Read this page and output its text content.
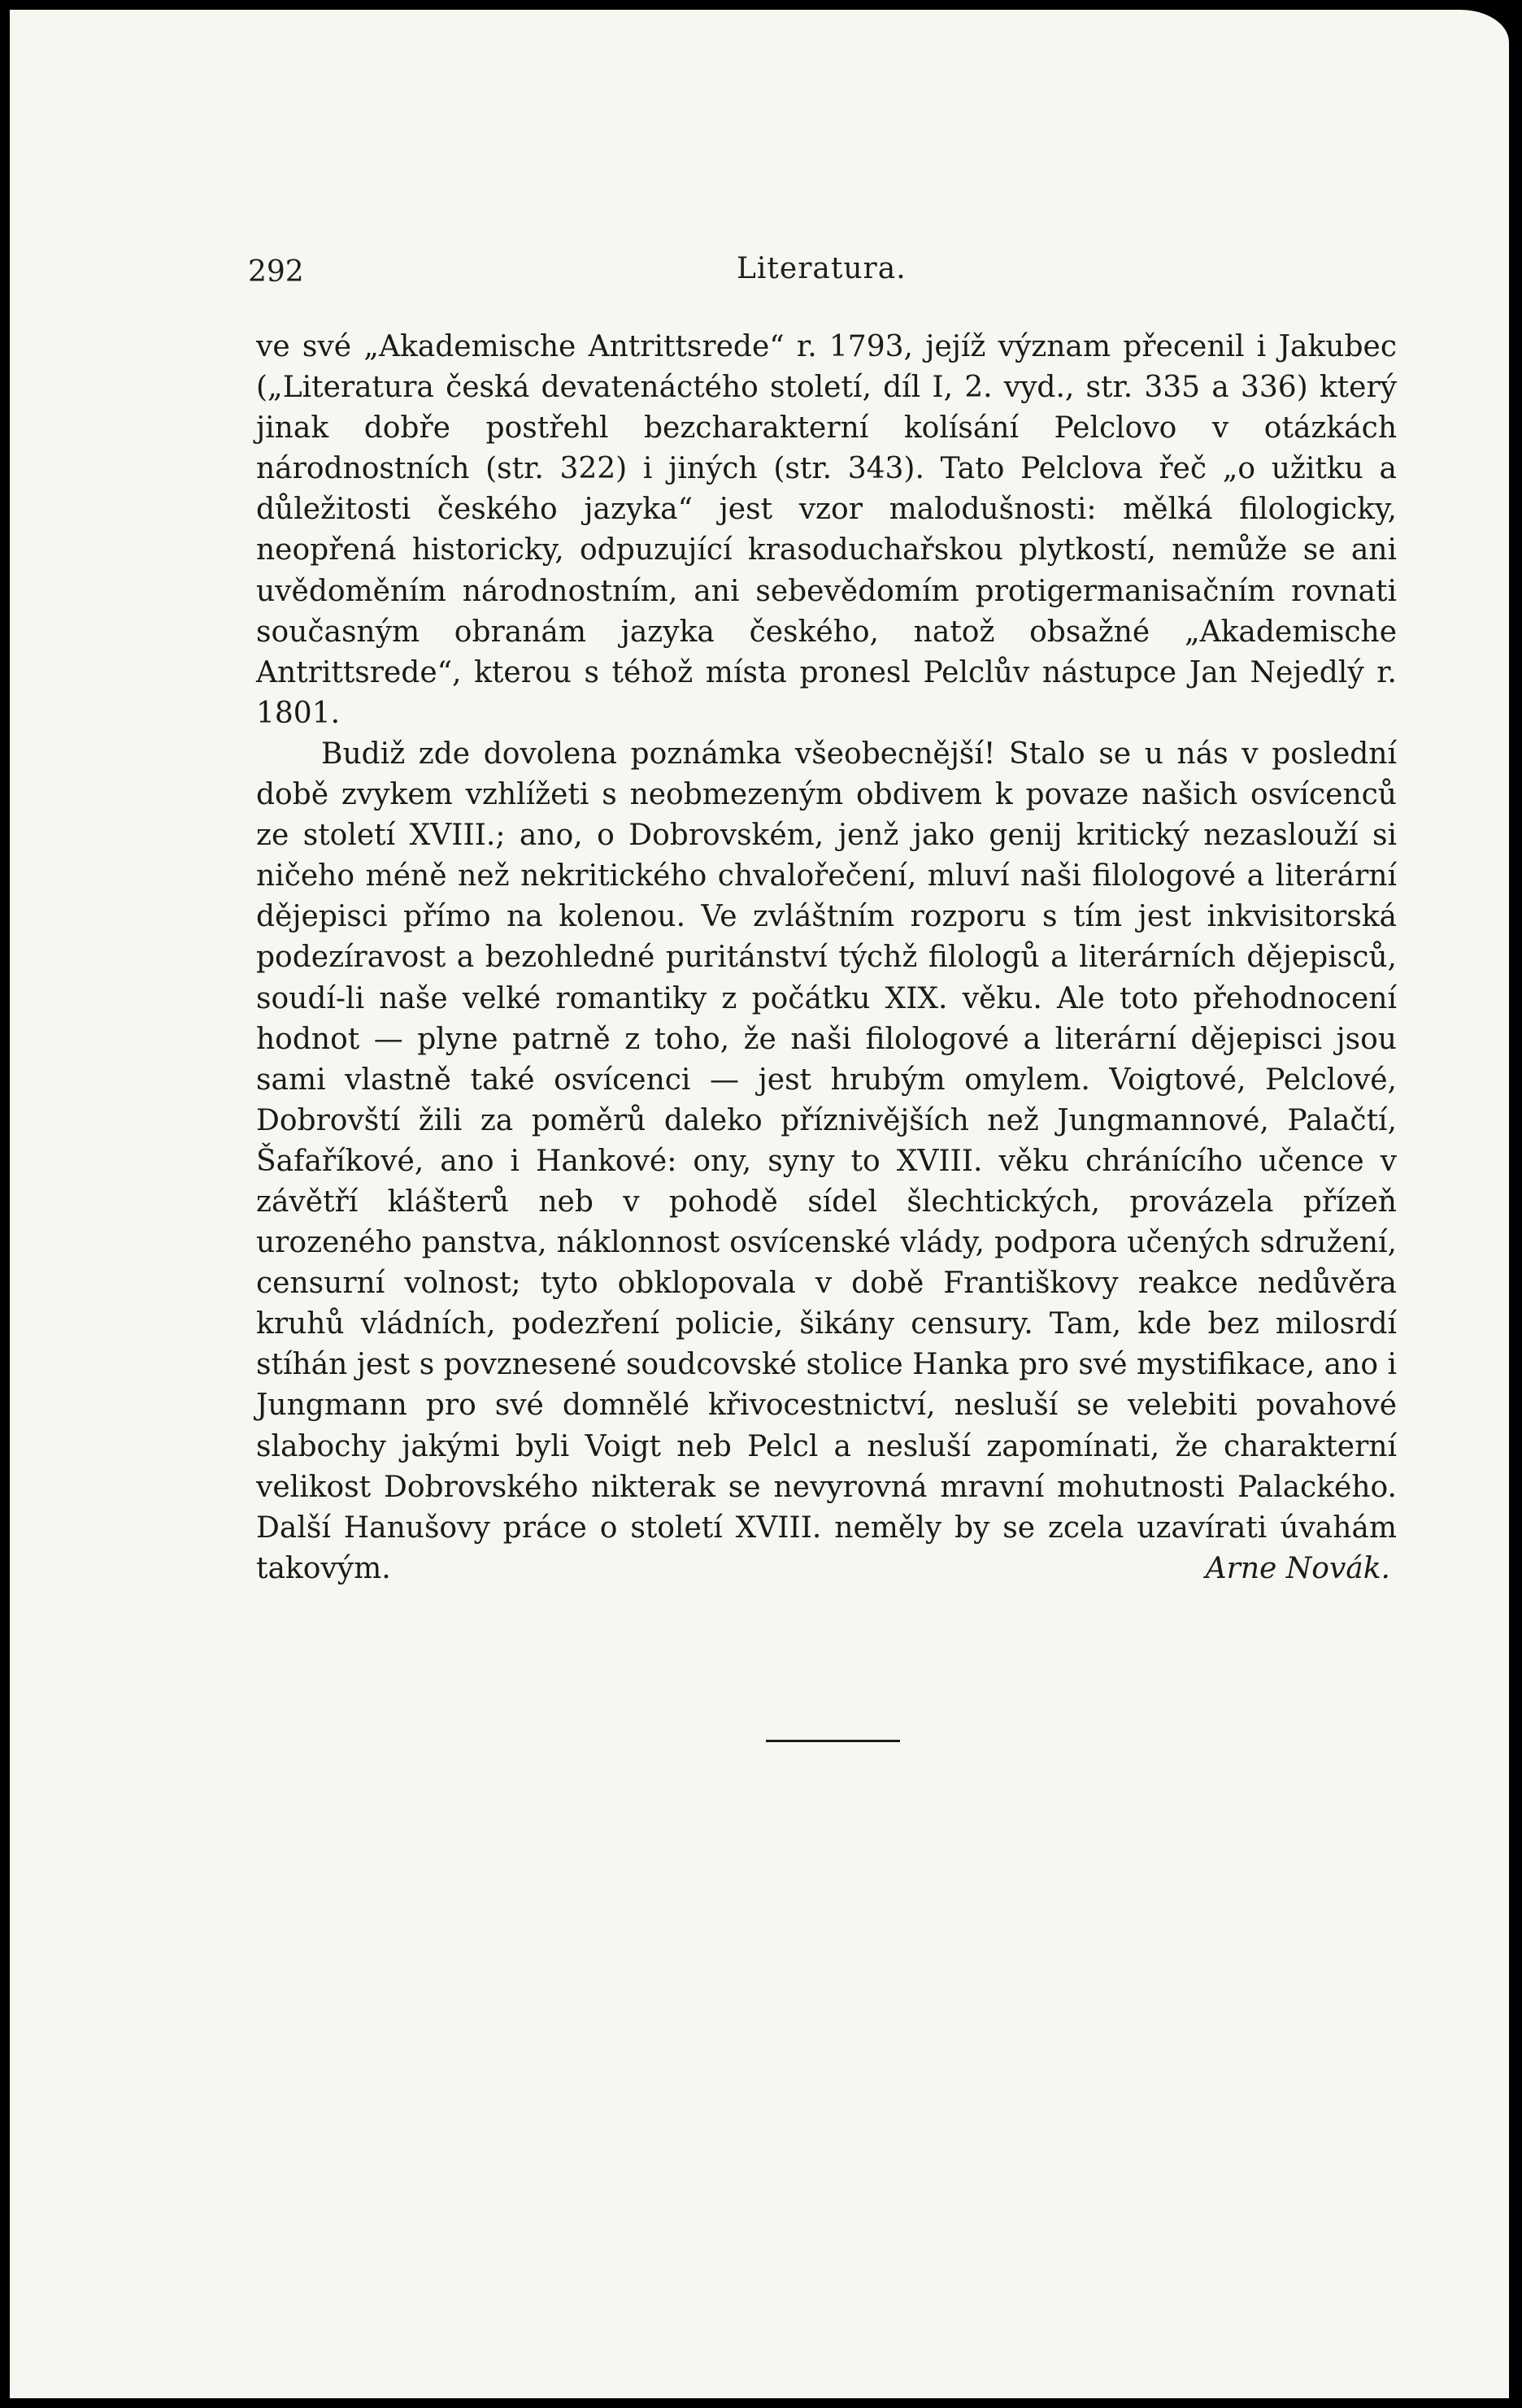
292	Literatura.

ve své „Akademische Antrittsrede“ r. 1793, jejíž význam přecenil i Jakubec („Literatura česká devatenáctého století, díl I, 2. vyd., str. 335 a 336) který jinak dobře postřehl bezcharakterní kolísání Pelclovo v otázkách národnostních (str. 322) i jiných (str. 343). Tato Pelclova řeč „o užitku a důležitosti českého jazyka“ jest vzor malodušnosti: mělká filologicky, neopřená historicky, odpuzující krasoduchařskou plytkostí, nemůže se ani uvědoměním národnostním, ani sebevědomím protigermanisačním rovnati současným obranám jazyka českého, natož obsažné „Akademische Antrittsrede“, kterou s téhož místa pronesl Pelclův nástupce Jan Nejedlý r. 1801.

Budiž zde dovolena poznámka všeobecnější! Stalo se u nás v poslední době zvykem vzhlížeti s neobmezeným obdivem k povaze našich osvícenců ze století XVIII.; ano, o Dobrovském, jenž jako genij kritický nezaslouží si ničeho méně než nekritického chvalořečení, mluví naši filologové a literární dějepisci přímo na kolenou. Ve zvláštním rozporu s tím jest inkvisitorská podezíravost a bezohledné puritánství týchž filologů a literárních dějepisců, soudí-li naše velké romantiky z počátku XIX. věku. Ale toto přehodnocení hodnot — plyne patrně z toho, že naši filologové a literární dějepisci jsou sami vlastně také osvícenci — jest hrubým omylem. Voigtové, Pelclové, Dobrovští žili za poměrů daleko příznivějších než Jungmannové, Palačtí, Šafaříkové, ano i Hankové: ony, syny to XVIII. věku chránícího učence v závětří klášterů neb v pohodě sídel šlechtických, provázela přízeň urozeného panstva, náklonnost osvícenské vlády, podpora učených sdružení, censurní volnost; tyto obklopovala v době Františkovy reakce nedůvěra kruhů vládních, podezření policie, šikány censury. Tam, kde bez milosrdí stíhán jest s povznesené soudcovské stolice Hanka pro své mystifikace, ano i Jungmann pro své domnělé křivocestnictví, nesluší se velebiti povahové slabochy jakými byli Voigt neb Pelcl a nesluší zapomínati, že charakterní velikost Dobrovského nikterak se nevyrovná mravní mohutnosti Palackého. Další Hanušovy práce o století XVIII. neměly by se zcela uzavírati úvahám takovým.	Arne Novák.
